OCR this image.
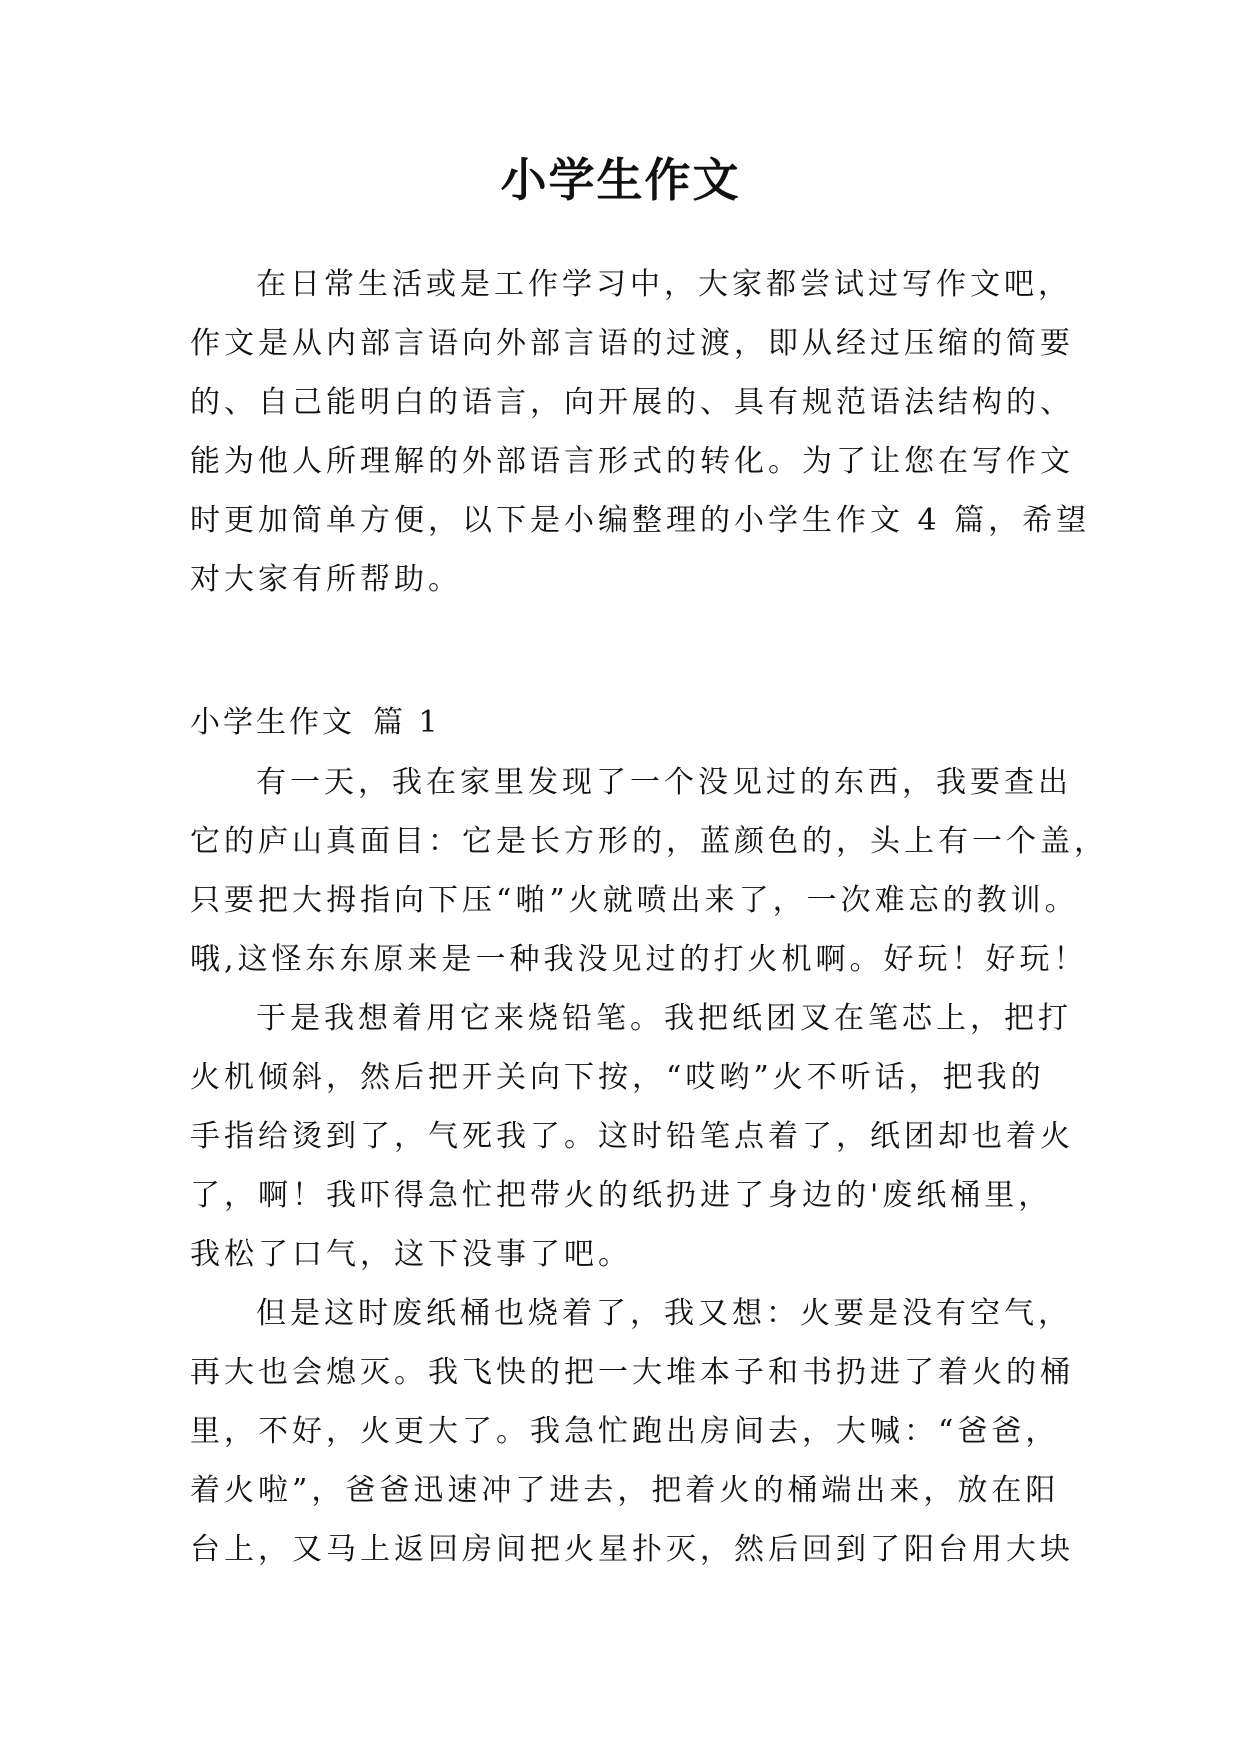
小学生作文
在日常生活或是工作学习中，大家都尝试过写作文吧，
作文是从内部言语向外部言语的过渡，即从经过压缩的简要
的、自己能明白的语言，向开展的、具有规范语法结构的、
能为他人所理解的外部语言形式的转化。为了让您在写作文
时更加简单方便，以下是小编整理的小学生作文 4 篇，希望
对大家有所帮助。
小学生作文 篇 1
有一天，我在家里发现了一个没见过的东西，我要查出
它的庐山真面目：它是长方形的，蓝颜色的，头上有一个盖，
只要把大拇指向下压“啪”火就喷出来了，一次难忘的教训。
哦,这怪东东原来是一种我没见过的打火机啊。好玩！好玩！
于是我想着用它来烧铅笔。我把纸团叉在笔芯上，把打
火机倾斜，然后把开关向下按，“哎哟”火不听话，把我的
手指给烫到了，气死我了。这时铅笔点着了，纸团却也着火
了，啊！我吓得急忙把带火的纸扔进了身边的'废纸桶里，
我松了口气，这下没事了吧。
但是这时废纸桶也烧着了，我又想：火要是没有空气，
再大也会熄灭。我飞快的把一大堆本子和书扔进了着火的桶
里，不好，火更大了。我急忙跑出房间去，大喊：“爸爸，
着火啦”，爸爸迅速冲了进去，把着火的桶端出来，放在阳
台上，又马上返回房间把火星扑灭，然后回到了阳台用大块
